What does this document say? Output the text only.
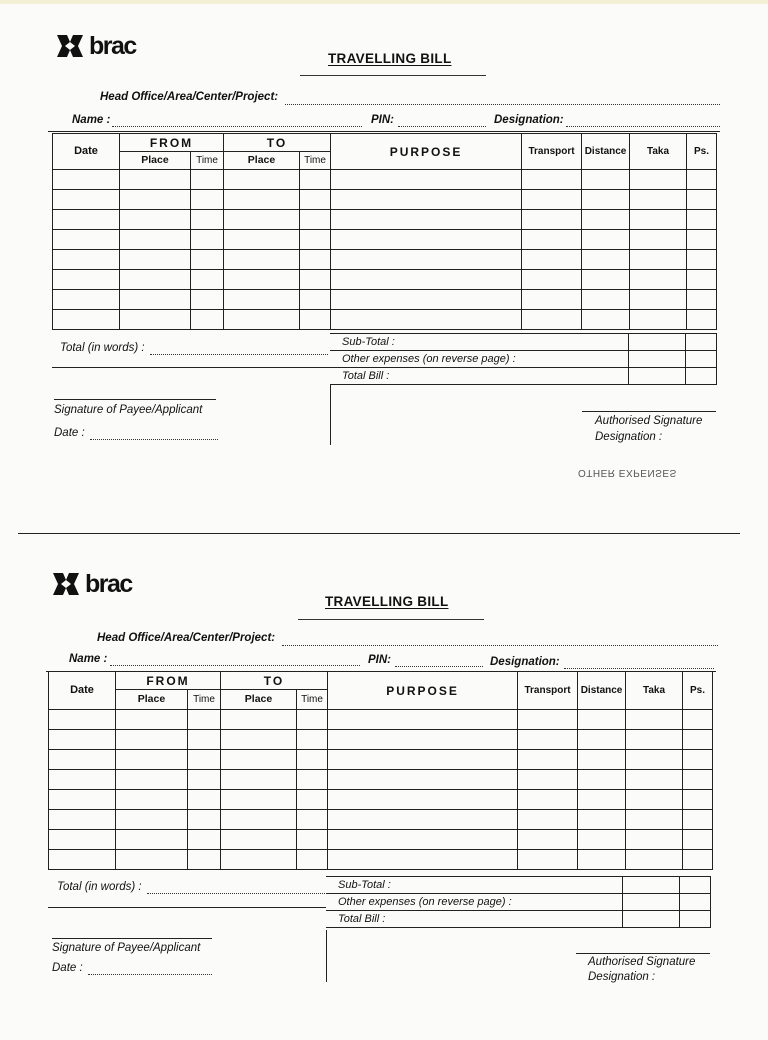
brac	TRAVELLING BILL
Head Office/Area/Center/Project:
Name :	PIN:	Designation:
Date	FROM		TO		PURPOSE	Transport	Distance	Taka	Ps.
	Place	Time	Place	Time					

Total (in words) :	Sub-Total :		
Other expenses (on reverse page) :		
Total Bill :		
Signature of Payee/Applicant
Date :
Authorised Signature
Designation :
OTHER EXPENSES
brac
TRAVELLING BILL
Head Office/Area/Center/Project:
Name :	PIN:	Designation:
Date	FROM		TO		PURPOSE	Transport	Distance	Taka	Ps.
	Place	Time	Place	Time					

Total (in words) :	Sub-Total :		
Other expenses (on reverse page) :		
Total Bill :		
Signature of Payee/Applicant
Date :	Authorised Signature
Designation :
